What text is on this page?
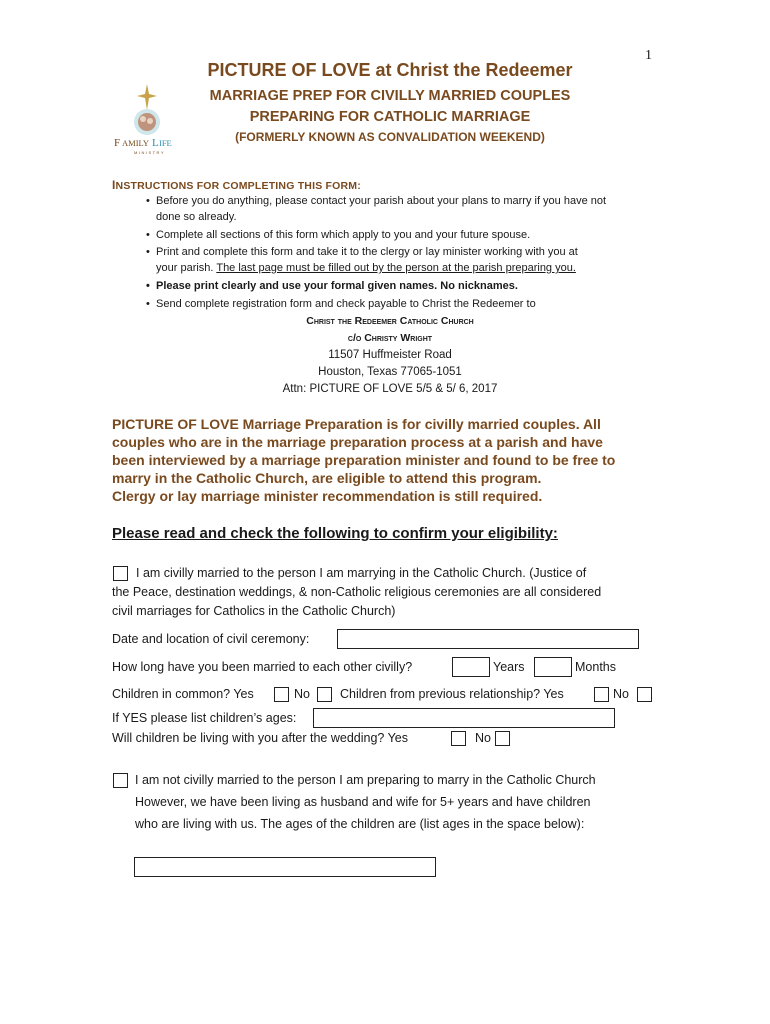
1
F AMILY L IFE
MINISTRY
PICTURE OF LOVE at Christ the Redeemer
MARRIAGE PREP FOR CIVILLY MARRIED COUPLES
PREPARING FOR CATHOLIC MARRIAGE
(FORMERLY KNOWN AS CONVALIDATION WEEKEND)
INSTRUCTIONS FOR COMPLETING THIS FORM:
• Before you do anything, please contact your parish about your plans to marry if you have not
done so already.
• Complete all sections of this form which apply to you and your future spouse.
• Print and complete this form and take it to the clergy or lay minister working with you at
your parish. The last page must be filled out by the person at the parish preparing you.
• Please print clearly and use your formal given names. No nicknames.
• Send complete registration form and check payable to Christ the Redeemer to
Christ the Redeemer Catholic Church
c/o Christy Wright
11507 Huffmeister Road
Houston, Texas 77065-1051
Attn: PICTURE OF LOVE 5/5 & 5/ 6, 2017
PICTURE OF LOVE Marriage Preparation is for civilly married couples. All
couples who are in the marriage preparation process at a parish and have
been interviewed by a marriage preparation minister and found to be free to
marry in the Catholic Church, are eligible to attend this program.
Clergy or lay marriage minister recommendation is still required.
Please read and check the following to confirm your eligibility:
I am civilly married to the person I am marrying in the Catholic Church. (Justice of
the Peace, destination weddings, & non-Catholic religious ceremonies are all considered
civil marriages for Catholics in the Catholic Church)
Date and location of civil ceremony:
How long have you been married to each other civilly?	Years	Months
Children in common? Yes	No Children from previous relationship? Yes	No
If YES please list children’s ages:
Will children be living with you after the wedding? Yes	No
I am not civilly married to the person I am preparing to marry in the Catholic Church
However, we have been living as husband and wife for 5+ years and have children
who are living with us. The ages of the children are (list ages in the space below):
